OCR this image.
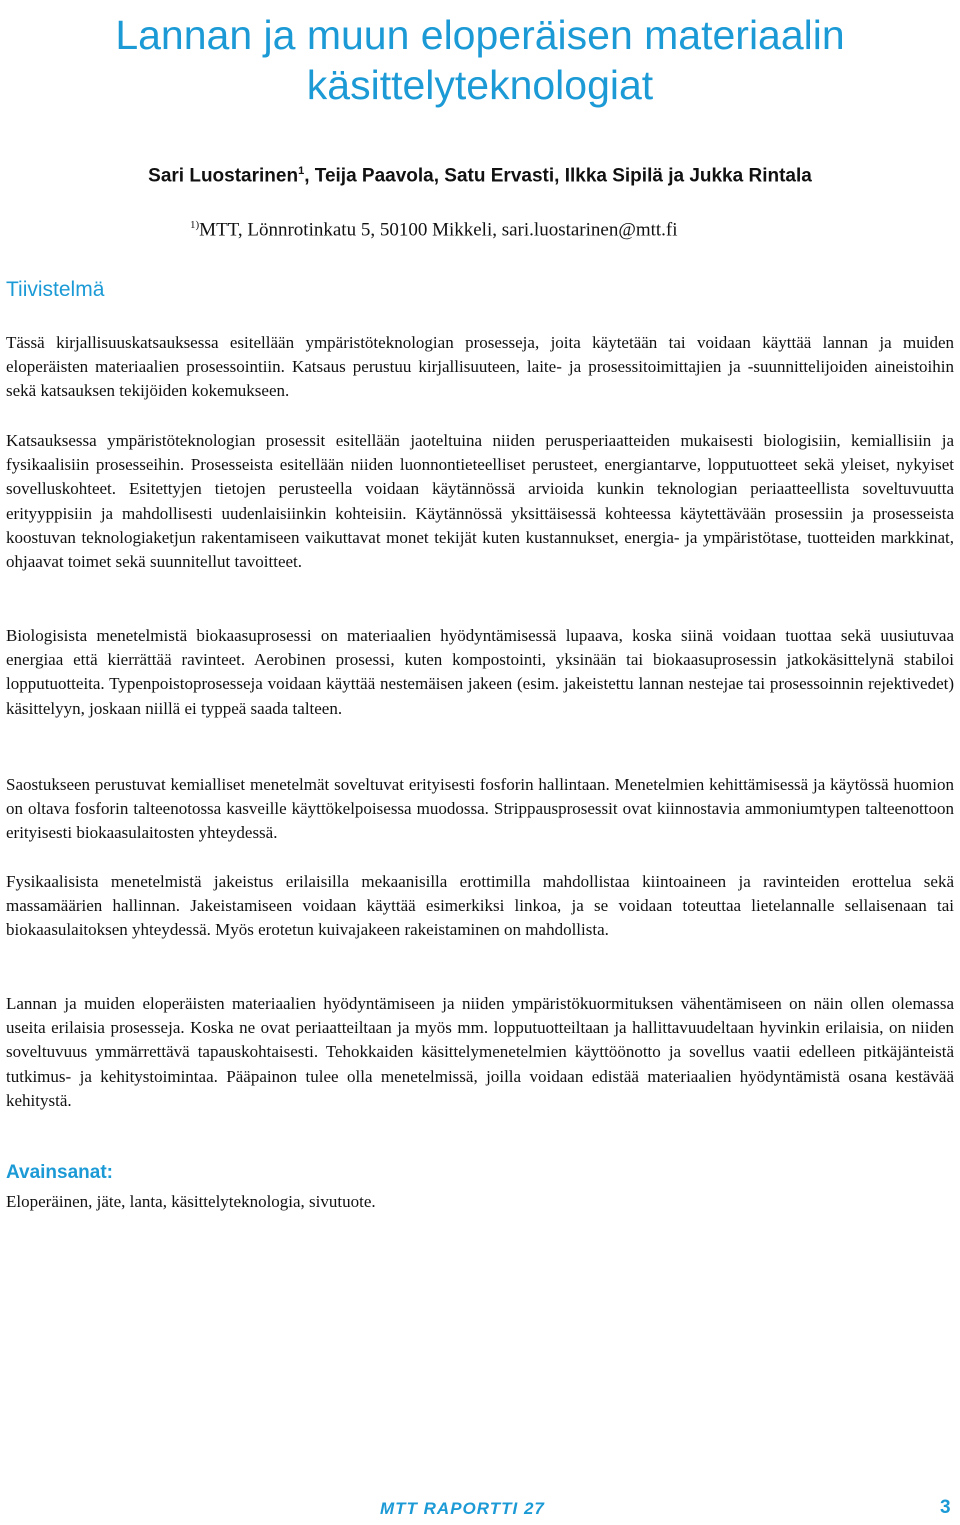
Lannan ja muun eloperäisen materiaalin
käsittelyteknologiat
Sari Luostarinen$^1$, Teija Paavola, Satu Ervasti, Ilkka Sipilä ja Jukka Rintala
$^{1)}$MTT, Lönnrotinkatu 5, 50100 Mikkeli, sari.luostarinen@mtt.fi
Tiivistelmä

Tässä kirjallisuuskatsauksessa esitellään ympäristöteknologian prosesseja, joita käytetään tai voidaan käyttää lannan ja muiden eloperäisten materiaalien prosessointiin. Katsaus perustuu kirjallisuuteen, laite- ja prosessitoimittajien ja -suunnittelijoiden aineistoihin sekä katsauksen tekijöiden kokemukseen.

Katsauksessa ympäristöteknologian prosessit esitellään jaoteltuina niiden perusperiaatteiden mukaisesti biologisiin, kemiallisiin ja fysikaalisiin prosesseihin. Prosesseista esitellään niiden luonnontieteelliset perusteet, energiantarve, lopputuotteet sekä yleiset, nykyiset sovelluskohteet. Esitettyjen tietojen perusteella voidaan käytännössä arvioida kunkin teknologian periaatteellista soveltuvuutta erityyppisiin ja mahdollisesti uudenlaisiinkin kohteisiin. Käytännössä yksittäisessä kohteessa käytettävään prosessiin ja prosesseista koostuvan teknologiaketjun rakentamiseen vaikuttavat monet tekijät kuten kustannukset, energia- ja ympäristötase, tuotteiden markkinat, ohjaavat toimet sekä suunnitellut tavoitteet.

Biologisista menetelmistä biokaasuprosessi on materiaalien hyödyntämisessä lupaava, koska siinä voidaan tuottaa sekä uusiutuvaa energiaa että kierrättää ravinteet. Aerobinen prosessi, kuten kompostointi, yksinään tai biokaasuprosessin jatkokäsittelynä stabiloi lopputuotteita. Typenpoistoprosesseja voidaan käyttää nestemäisen jakeen (esim. jakeistettu lannan nestejae tai prosessoinnin rejektivedet) käsittelyyn, joskaan niillä ei typpeä saada talteen.

Saostukseen perustuvat kemialliset menetelmät soveltuvat erityisesti fosforin hallintaan. Menetelmien kehittämisessä ja käytössä huomion on oltava fosforin talteenotossa kasveille käyttökelpoisessa muodossa. Strippausprosessit ovat kiinnostavia ammoniumtypen talteenottoon erityisesti biokaasulaitosten yhteydessä.

Fysikaalisista menetelmistä jakeistus erilaisilla mekaanisilla erottimilla mahdollistaa kiintoaineen ja ravinteiden erottelua sekä massamäärien hallinnan. Jakeistamiseen voidaan käyttää esimerkiksi linkoa, ja se voidaan toteuttaa lietelannalle sellaisenaan tai biokaasulaitoksen yhteydessä. Myös erotetun kuivajakeen rakeistaminen on mahdollista.

Lannan ja muiden eloperäisten materiaalien hyödyntämiseen ja niiden ympäristökuormituksen vähentämiseen on näin ollen olemassa useita erilaisia prosesseja. Koska ne ovat periaatteiltaan ja myös mm. lopputuotteiltaan ja hallittavuudeltaan hyvinkin erilaisia, on niiden soveltuvuus ymmärrettävä tapauskohtaisesti. Tehokkaiden käsittelymenetelmien käyttöönotto ja sovellus vaatii edelleen pitkäjänteistä tutkimus- ja kehitystoimintaa. Pääpainon tulee olla menetelmissä, joilla voidaan edistää materiaalien hyödyntämistä osana kestävää kehitystä.

Avainsanat:
Eloperäinen, jäte, lanta, käsittelyteknologia, sivutuote.
MTT RAPORTTI 27	3
